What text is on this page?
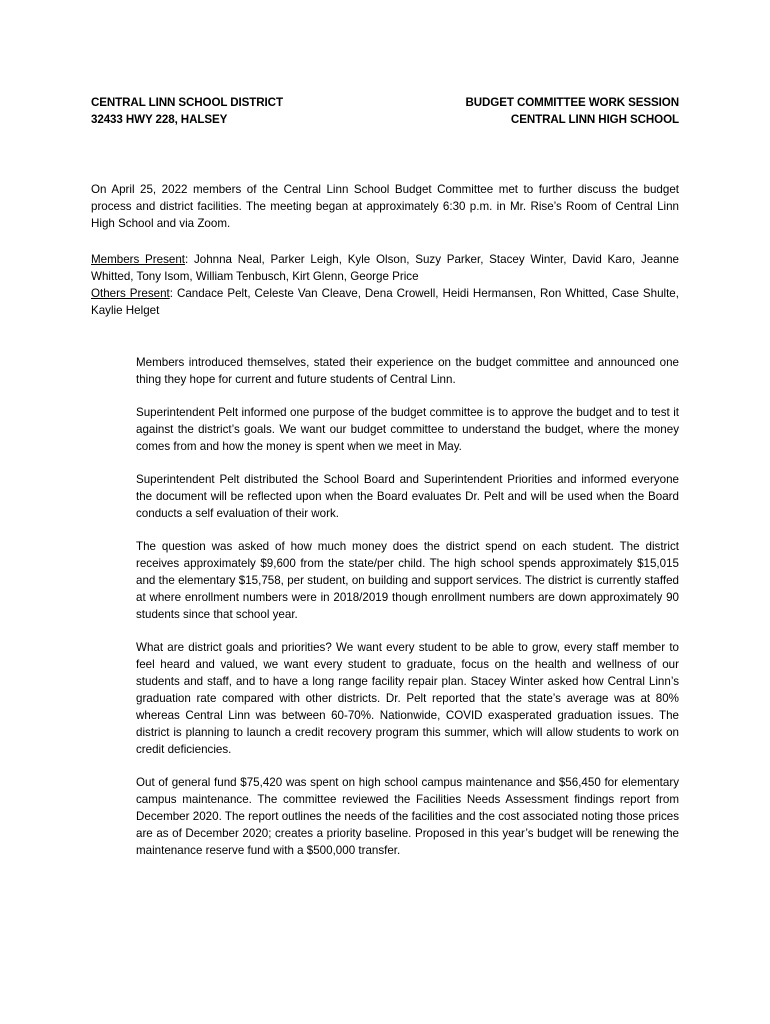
CENTRAL LINN SCHOOL DISTRICT
32433 HWY 228, HALSEY
BUDGET COMMITTEE WORK SESSION
CENTRAL LINN HIGH SCHOOL

On April 25, 2022 members of the Central Linn School Budget Committee met to further discuss the budget process and district facilities. The meeting began at approximately 6:30 p.m. in Mr. Rise’s Room of Central Linn High School and via Zoom.

Members Present: Johnna Neal, Parker Leigh, Kyle Olson, Suzy Parker, Stacey Winter, David Karo, Jeanne Whitted, Tony Isom, William Tenbusch, Kirt Glenn, George Price
Others Present: Candace Pelt, Celeste Van Cleave, Dena Crowell, Heidi Hermansen, Ron Whitted, Case Shulte, Kaylie Helget

Members introduced themselves, stated their experience on the budget committee and announced one thing they hope for current and future students of Central Linn.

Superintendent Pelt informed one purpose of the budget committee is to approve the budget and to test it against the district’s goals. We want our budget committee to understand the budget, where the money comes from and how the money is spent when we meet in May.

Superintendent Pelt distributed the School Board and Superintendent Priorities and informed everyone the document will be reflected upon when the Board evaluates Dr. Pelt and will be used when the Board conducts a self evaluation of their work.

The question was asked of how much money does the district spend on each student. The district receives approximately $9,600 from the state/per child. The high school spends approximately $15,015 and the elementary $15,758, per student, on building and support services. The district is currently staffed at where enrollment numbers were in 2018/2019 though enrollment numbers are down approximately 90 students since that school year.

What are district goals and priorities? We want every student to be able to grow, every staff member to feel heard and valued, we want every student to graduate, focus on the health and wellness of our students and staff, and to have a long range facility repair plan. Stacey Winter asked how Central Linn’s graduation rate compared with other districts. Dr. Pelt reported that the state’s average was at 80% whereas Central Linn was between 60-70%. Nationwide, COVID exasperated graduation issues. The district is planning to launch a credit recovery program this summer, which will allow students to work on credit deficiencies.

Out of general fund $75,420 was spent on high school campus maintenance and $56,450 for elementary campus maintenance. The committee reviewed the Facilities Needs Assessment findings report from December 2020. The report outlines the needs of the facilities and the cost associated noting those prices are as of December 2020; creates a priority baseline. Proposed in this year’s budget will be renewing the maintenance reserve fund with a $500,000 transfer.
